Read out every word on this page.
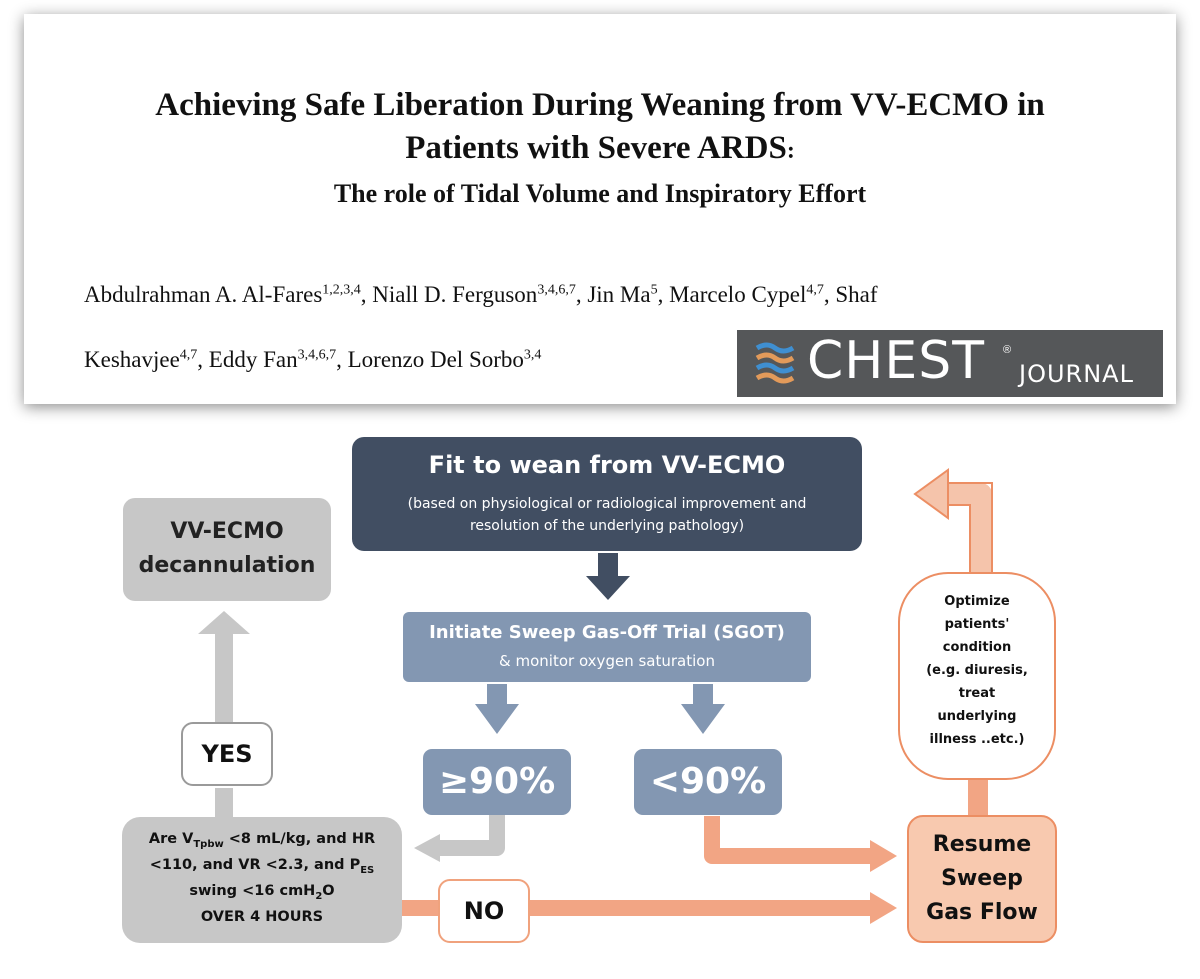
Achieving Safe Liberation During Weaning from VV-ECMO in
Patients with Severe ARDS:
The role of Tidal Volume and Inspiratory Effort
Abdulrahman A. Al-Fares$^{1,2,3,4}$, Niall D. Ferguson$^{3,4,6,7}$, Jin Ma$^5$, Marcelo Cypel$^{4,7}$, Shaf
Keshavjee$^{4,7}$, Eddy Fan$^{3,4,6,7}$, Lorenzo Del Sorbo$^{3,4}$	CHEST ®
JOURNAL
Fit to wean from VV-ECMO
(based on physiological or radiological improvement and
resolution of the underlying pathology)
Initiate Sweep Gas-Off Trial (SGOT)
& monitor oxygen saturation
≥90%	<90%
VV-ECMO
decannulation
YES
Are $V_{Tpbw} <8$ mL/kg, and HR
<110, and VR <2.3, and $P_{ES}$
swing <16 cmH$_2$O
OVER 4 HOURS	NO
Resume
Sweep
Gas Flow
Optimize
patients'
condition
(e.g. diuresis,
treat
underlying
illness ..etc.)
